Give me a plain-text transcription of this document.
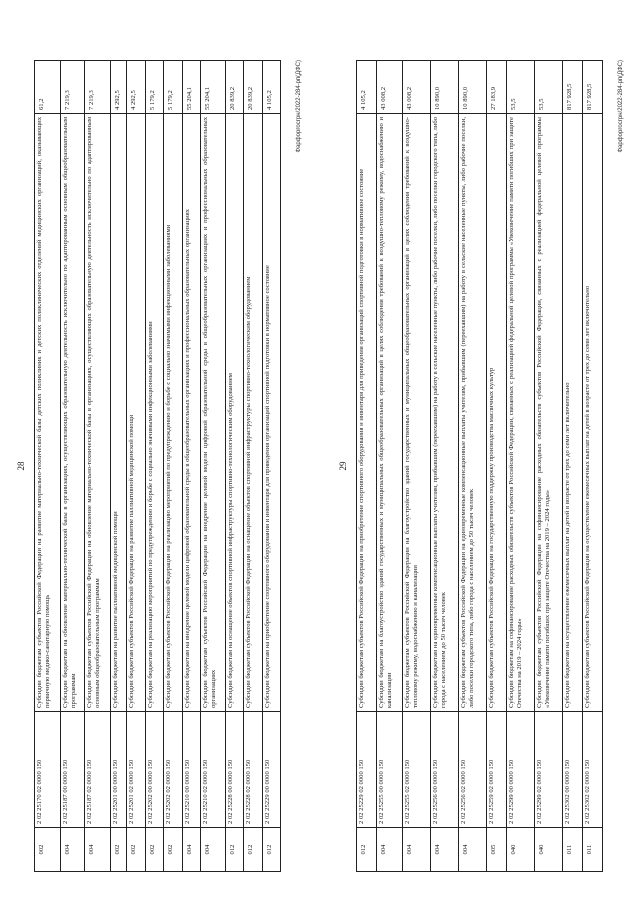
28
002
2 02 25170 02 0000 150
Субсидии бюджетам субъектов Российской Федерации на развитие материально-технической базы детских поликлиник и детских поликлинических отделений медицинских организаций, оказывающих первичную медико-санитарную помощь
61,2
004
2 02 25187 00 0000 150
Субсидии бюджетам на обновление материально-технической базы в организациях, осуществляющих образовательную деятельность исключительно по адаптированным основным общеобразовательным программам
7 219,3
004
2 02 25187 02 0000 150
Субсидии бюджетам субъектов Российской Федерации на обновление материально-технической базы в организациях, осуществляющих образовательную деятельность исключительно по адаптированным основным общеобразовательным программам
7 219,3
002
2 02 25201 00 0000 150
Субсидии бюджетам на развитие паллиативной медицинской помощи
4 292,5
002
2 02 25201 02 0000 150
Субсидии бюджетам субъектов Российской Федерации на развитие паллиативной медицинской помощи
4 292,5
002
2 02 25202 00 0000 150
Субсидии бюджетам на реализацию мероприятий по предупреждению и борьбе с социально значимыми инфекционными заболеваниями
5 179,2
002
2 02 25202 02 0000 150
Субсидии бюджетам субъектов Российской Федерации на реализацию мероприятий по предупреждению и борьбе с социально значимыми инфекционными заболеваниями
5 179,2
004
2 02 25210 00 0000 150
Субсидии бюджетам на внедрение целевой модели цифровой образовательной среды в общеобразовательных организациях и профессиональных образовательных организациях
55 204,1
004
2 02 25210 02 0000 150
Субсидии бюджетам субъектов Российской Федерации на внедрение целевой модели цифровой образовательной среды в общеобразовательных организациях и профессиональных образовательных организациях
55 204,1
012
2 02 25228 00 0000 150
Субсидии бюджетам на оснащение объектов спортивной инфраструктуры спортивно-технологическим оборудованием
20 839,2
012
2 02 25228 02 0000 150
Субсидии бюджетам субъектов Российской Федерации на оснащение объектов спортивной инфраструктуры спортивно-технологическим оборудованием
20 839,2
012
2 02 25229 00 0000 150
Субсидии бюджетам на приобретение спортивного оборудования и инвентаря для приведения организаций спортивной подготовки в нормативное состояние
4 105,2	Фарфоргосгрн/2022-284-рп(ДФС)
29
012
2 02 25229 02 0000 150
Субсидии бюджетам субъектов Российской Федерации на приобретение спортивного оборудования и инвентаря для приведения организаций спортивной подготовки в нормативное состояние
4 105,2
004
2 02 25255 00 0000 150
Субсидии бюджетам на благоустройство зданий государственных и муниципальных общеобразовательных организаций в целях соблюдения требований к воздушно-тепловому режиму, водоснабжению и канализации
43 008,2
004
2 02 25255 02 0000 150
Субсидии бюджетам субъектов Российской Федерации на благоустройство зданий государственных и муниципальных общеобразовательных организаций в целях соблюдения требований к воздушно-тепловому режиму, водоснабжению и канализации
43 008,2
004
2 02 25256 00 0000 150
Субсидии бюджетам на единовременные компенсационные выплаты учителям, прибывшим (переехавшим) на работу в сельские населенные пункты, либо рабочие поселки, либо поселки городского типа, либо города с населением до 50 тысяч человек
10 890,0
004
2 02 25256 02 0000 150
Субсидии бюджетам субъектов Российской Федерации на единовременные компенсационные выплаты учителям, прибывшим (переехавшим) на работу в сельские населенные пункты, либо рабочие поселки, либо поселки городского типа, либо города с населением до 50 тысяч человек
10 890,0
005
2 02 25259 02 0000 150
Субсидии бюджетам субъектов Российской Федерации на государственную поддержку производства масличных культур
27 183,9
040
2 02 25299 00 0000 150
Субсидии бюджетам на софинансирование расходных обязательств субъектов Российской Федерации, связанных с реализацией федеральной целевой программы «Увековечение памяти погибших при защите Отечества на 2019 – 2024 годы»
53,5
040
2 02 25299 02 0000 150
Субсидии бюджетам субъектов Российской Федерации на софинансирование расходных обязательств субъектов Российской Федерации, связанных с реализацией федеральной целевой программы «Увековечение памяти погибших при защите Отечества на 2019 – 2024 годы»
53,5
011
2 02 25302 00 0000 150
Субсидии бюджетам на осуществление ежемесячных выплат на детей в возрасте от трех до семи лет включительно
817 928,5
011
2 02 25302 02 0000 150
Субсидии бюджетам субъектов Российской Федерации на осуществление ежемесячных выплат на детей в возрасте от трех до семи лет включительно
817 928,5	Фарфоргосгрн/2022-284-рп(ДФС)
